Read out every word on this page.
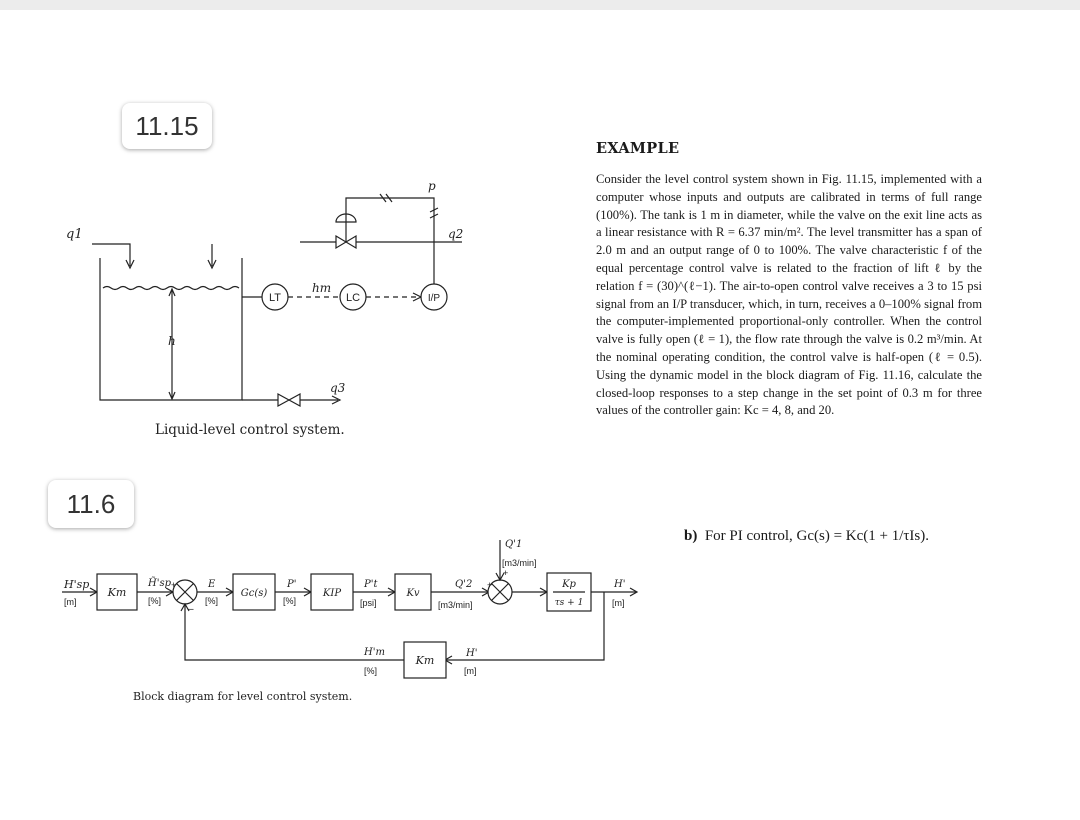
11.15
11.6
q1
h
LT
hm
LC	I/P
p
q2
q3
Liquid-level control system.
H'sp
[m]
Km
H̃'sp
[%]
+
–
E
[%]
Gc(s)
P'
[%]
KIP
P't
[psi]
Kv
Q'2
[m3/min]
+
+
Q'1
[m3/min]
Kp
τs + 1
H'
[m]
H'
[m]
Km
H'm
[%]
Block diagram for level control system.
EXAMPLE
Consider the level control system shown in Fig. 11.15, implemented with a computer whose inputs and outputs are calibrated in terms of full range (100%). The tank is 1 m in diameter, while the valve on the exit line acts as a linear resistance with R = 6.37 min/m². The level transmitter has a span of 2.0 m and an output range of 0 to 100%. The valve characteristic f of the equal percentage control valve is related to the fraction of lift ℓ by the relation f = (30)^(ℓ−1). The air-to-open control valve receives a 3 to 15 psi signal from an I/P transducer, which, in turn, receives a 0–100% signal from the computer-implemented proportional-only controller. When the control valve is fully open (ℓ = 1), the flow rate through the valve is 0.2 m³/min. At the nominal operating condition, the control valve is half-open (ℓ = 0.5). Using the dynamic model in the block diagram of Fig. 11.16, calculate the closed-loop responses to a step change in the set point of 0.3 m for three values of the controller gain: Kc = 4, 8, and 20.
b) For PI control, Gc(s) = Kc(1 + 1/τIs).
